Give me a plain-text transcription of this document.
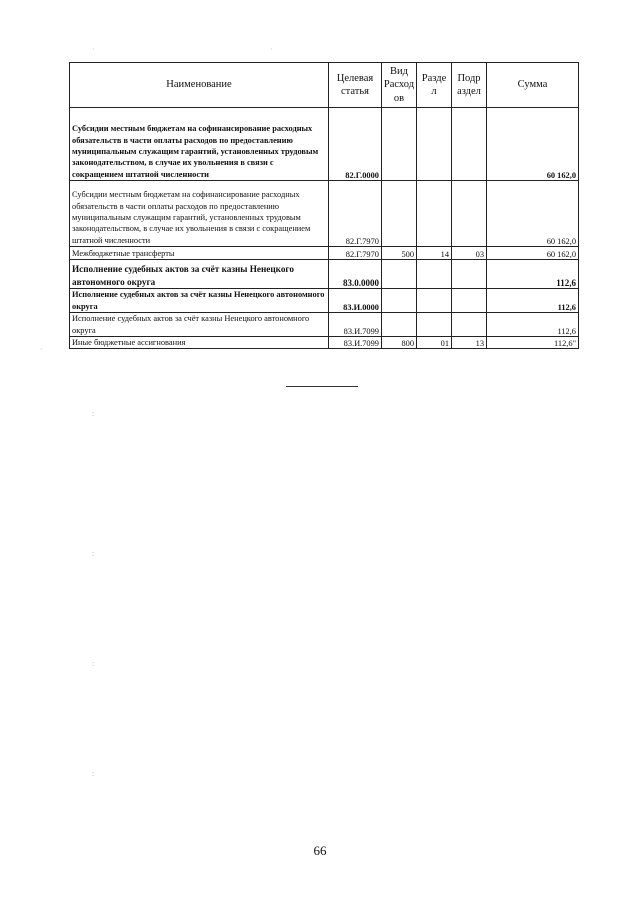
·	·
:
:
:
:
·
Наименование	Целевая статья	Вид Расход ов	Разде л	Подр аздел	Сумма
Субсидии местным бюджетам на софинансирование расходных обязательств в части оплаты расходов по предоставлению муниципальным служащим гарантий, установленных трудовым законодательством, в случае их увольнения в связи с сокращением штатной численности	82.Г.0000				60 162,0
Субсидии местным бюджетам на софинансирование расходных обязательств в части оплаты расходов по предоставлению муниципальным служащим гарантий, установленных трудовым законодательством, в случае их увольнения в связи с сокращением штатной численности	82.Г.7970				60 162,0
Межбюджетные трансферты	82.Г.7970	500	14	03	60 162,0
Исполнение судебных актов за счёт казны Ненецкого автономного округа	83.0.0000				112,6
Исполнение судебных актов за счёт казны Ненецкого автономного округа	83.И.0000				112,6
Исполнение судебных актов за счёт казны Ненецкого автономного округа	83.И.7099				112,6
Иные бюджетные ассигнования	83.И.7099	800	01	13	112,6"
66
